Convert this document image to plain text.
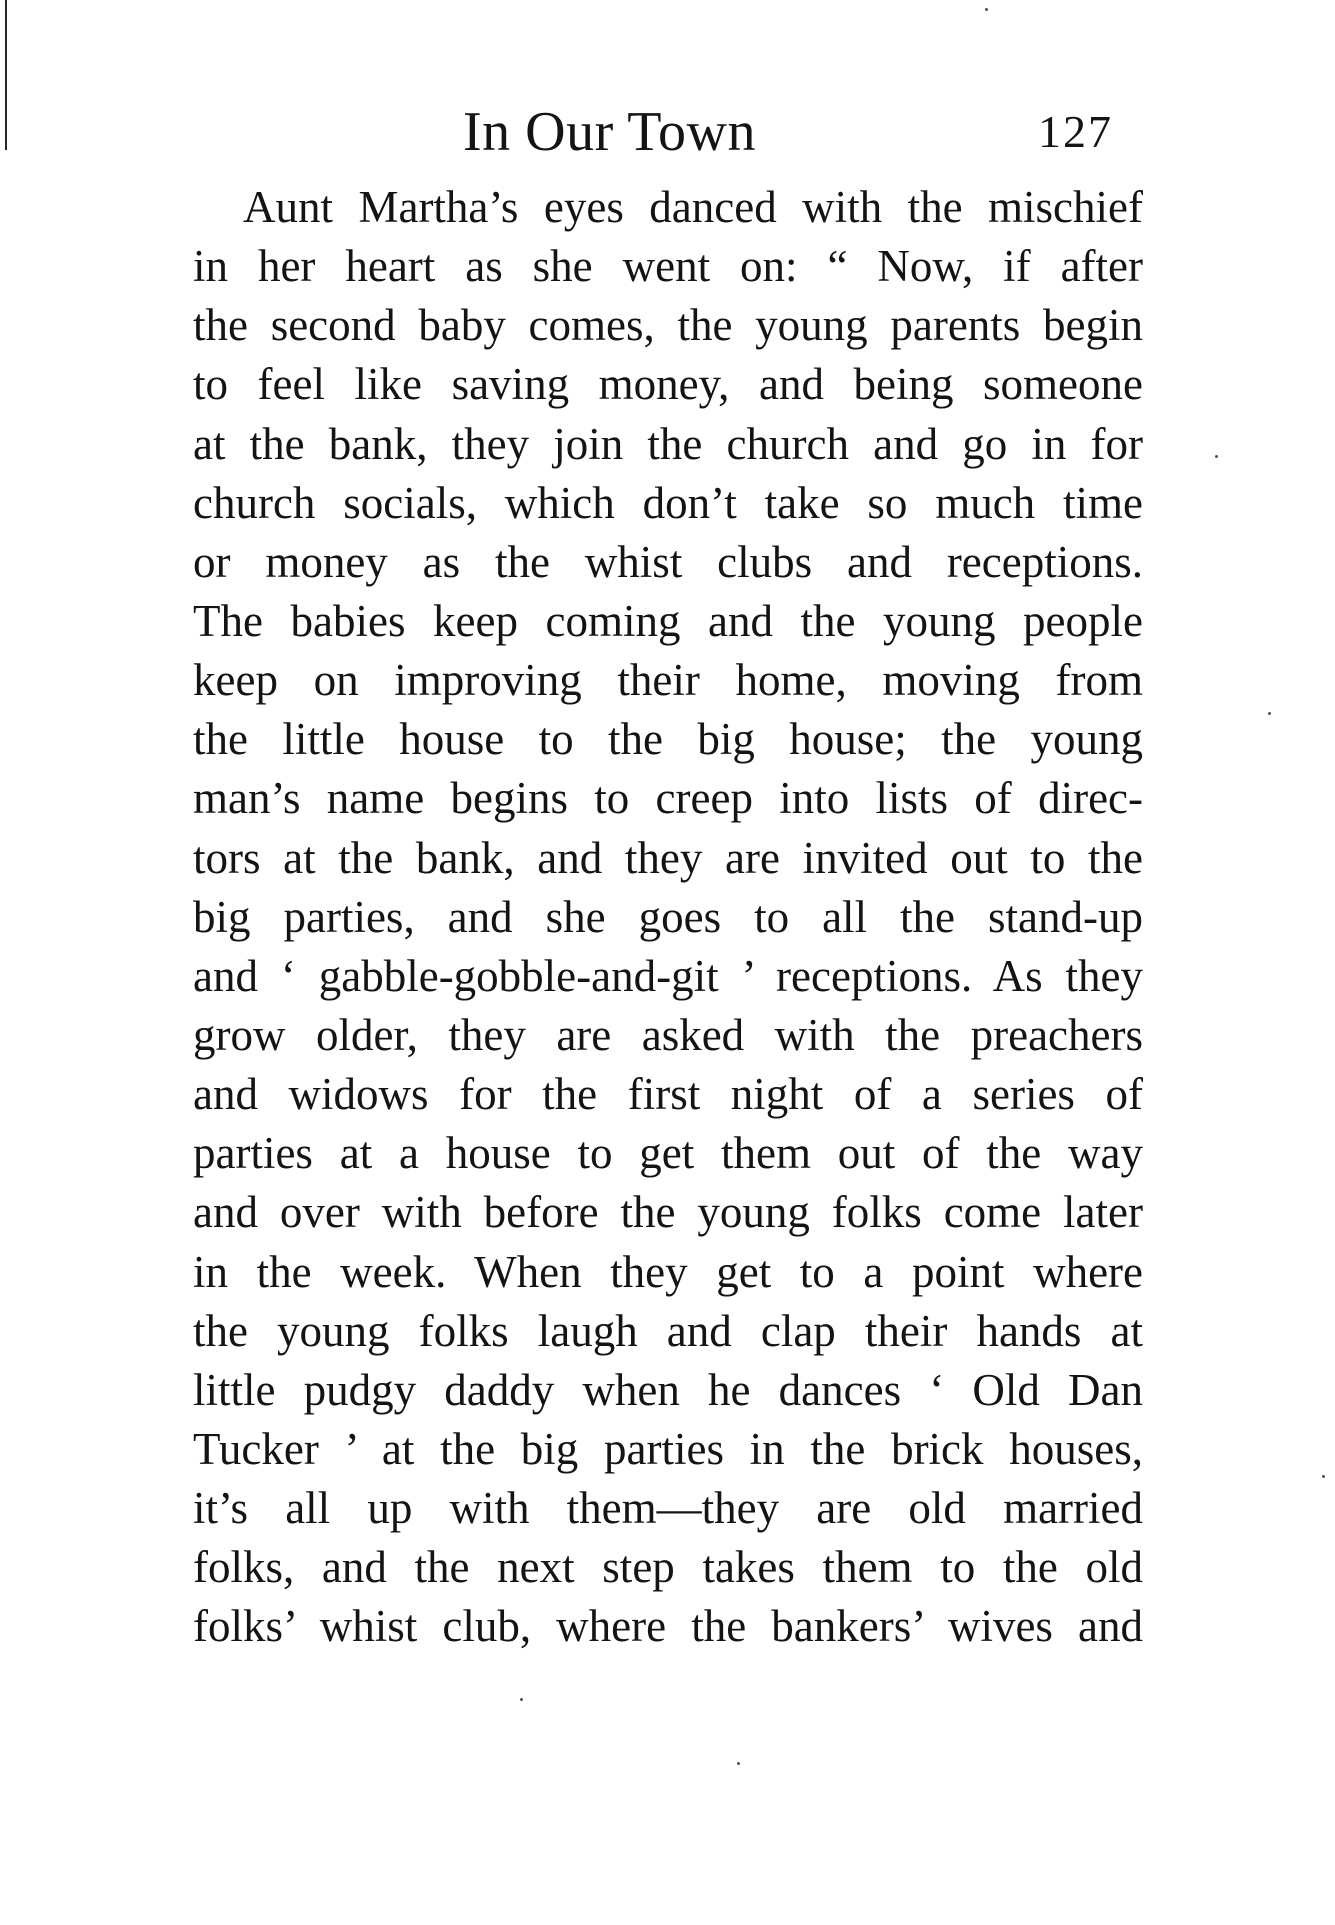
In Our Town	127
Aunt Martha’s eyes danced with the mischief
in her heart as she went on: “ Now, if after
the second baby comes, the young parents begin
to feel like saving money, and being someone
at the bank, they join the church and go in for
church socials, which don’t take so much time
or money as the whist clubs and receptions.
The babies keep coming and the young people
keep on improving their home, moving from
the little house to the big house; the young
man’s name begins to creep into lists of direc-
tors at the bank, and they are invited out to the
big parties, and she goes to all the stand-up
and ‘ gabble-gobble-and-git ’ receptions. As they
grow older, they are asked with the preachers
and widows for the first night of a series of
parties at a house to get them out of the way
and over with before the young folks come later
in the week. When they get to a point where
the young folks laugh and clap their hands at
little pudgy daddy when he dances ‘ Old Dan
Tucker ’ at the big parties in the brick houses,
it’s all up with them—they are old married
folks, and the next step takes them to the old
folks’ whist club, where the bankers’ wives and
